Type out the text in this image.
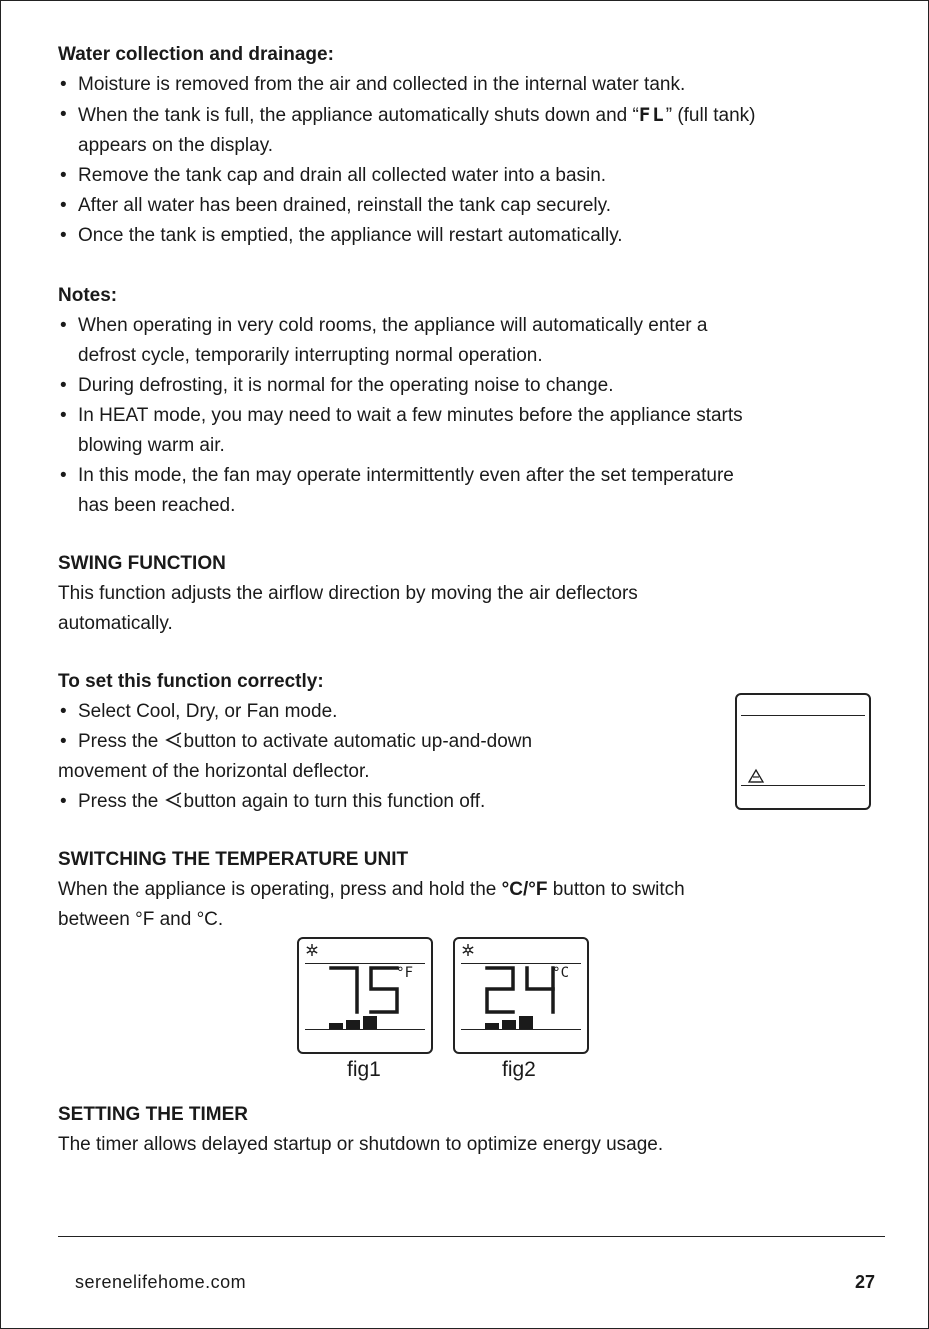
Water collection and drainage:

• Moisture is removed from the air and collected in the internal water tank.

• When the tank is full, the appliance automatically shuts down and “FL” (full tank)
appears on the display.

• Remove the tank cap and drain all collected water into a basin.

• After all water has been drained, reinstall the tank cap securely.

• Once the tank is emptied, the appliance will restart automatically.

Notes:

• When operating in very cold rooms, the appliance will automatically enter a
defrost cycle, temporarily interrupting normal operation.

• During defrosting, it is normal for the operating noise to change.

• In HEAT mode, you may need to wait a few minutes before the appliance starts
blowing warm air.

• In this mode, the fan may operate intermittently even after the set temperature
has been reached.

SWING FUNCTION

This function adjusts the airflow direction by moving the air deflectors

automatically.

To set this function correctly:

• Select Cool, Dry, or Fan mode.

• Press the button to activate automatic up-and-down

movement of the horizontal deflector.

• Press the button again to turn this function off.

SWITCHING THE TEMPERATURE UNIT

When the appliance is operating, press and hold the °C/°F button to switch

between °F and °C.

°F
fig1
°C
fig2

SETTING THE TIMER

The timer allows delayed startup or shutdown to optimize energy usage.

serenelifehome.com	27
